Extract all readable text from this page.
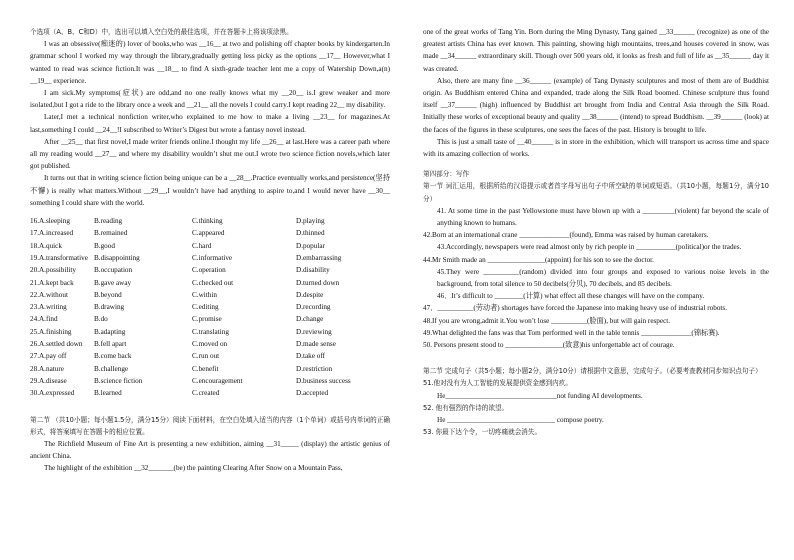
个选项（A、B、C和D）中，选出可以填入空白处的最佳选项，并在答题卡上将该项涂黑。

I was an obsessive(痴迷的) lover of books,who was __16__ at two and polishing off chapter books by kindergarten.In grammar school I worked my way through the library,gradually getting less picky as the options __17__ However,what I wanted to read was science fiction.It was __18__ to find A sixth-grade teacher lent me a copy of Watership Down,a(n) __19__ experience.

I am sick.My symptoms(症状) are odd,and no one really knows what my __20__ is.I grew weaker and more isolated,but I got a ride to the library once a week and __21__ all the novels I could carry.I kept reading 22__ my disability.

Later,I met a technical nonfiction writer,who explained to me how to make a living __23__ for magazines.At last,something I could __24__!I subscribed to Writer’s Digest but wrote a fantasy novel instead.

After __25__ that first novel,I made writer friends online.I thought my life __26__ at last.Here was a career path where all my reading would __27__ and where my disability wouldn’t shut me out.I wrote two science fiction novels,which later got published.

It turns out that in writing science fiction being unique can be a __28__.Practice eventually works,and persistence(坚持不懈) is really what matters.Without __29__,I wouldn’t have had anything to aspire to,and I would never have __30__ something I could share with the world.

16.A.sleeping	B.reading	C.thinking	D.playing
17.A.increased	B.remained	C.appeared	D.thinned
18.A.quick	B.good	C.hard	D.popular
19.A.transformative	B.disappointing	C.informative	D.embarrassing
20.A.possibility	B.occupation	C.operation	D.disability
21.A.kept back	B.gave away	C.checked out	D.turned down
22.A.without	B.beyond	C.within	D.despite
23.A.writing	B.drawing	C.editing	D.recording
24.A.find	B.do	C.promise	D.change
25.A.finishing	B.adapting	C.translating	D.reviewing
26.A.settled down	B.fell apart	C.moved on	D.made sense
27.A.pay off	B.come back	C.run out	D.take off
28.A.nature	B.challenge	C.benefit	D.restriction
29.A.disease	B.science fiction	C.encouragement	D.business success
30.A.expressed	B.learned	C.created	D.accepted

第二节 （共10小题；每小题1.5分，满分15分）阅读下面材料，在空白处填入适当的内容（1个单词）或括号内单词的正确形式，将答案填写在答题卡的相应位置。

The Richfield Museum of Fine Art is presenting a new exhibition, aiming __31_____ (display) the artistic genius of ancient China.

The highlight of the exhibition __32_______(be) the painting Clearing After Snow on a Mountain Pass,

one of the great works of Tang Yin. Born during the Ming Dynasty, Tang gained __33______ (recognize) as one of the greatest artists China has ever known. This painting, showing high mountains, trees,and houses covered in snow, was made __34______ extraordinary skill. Though over 500 years old, it looks as fresh and full of life as __35______ day it was created.

Also, there are many fine __36______ (example) of Tang Dynasty sculptures and most of them are of Buddhist origin. As Buddhism entered China and expanded, trade along the Silk Road boomed. Chinese sculpture thus found itself __37______ (high) influenced by Buddhist art brought from India and Central Asia through the Silk Road. Initially these works of exceptional beauty and quality __38______ (intend) to spread Buddhism. __39______ (look) at the faces of the figures in these sculptures, one sees the faces of the past. History is brought to life.

This is just a small taste of __40______ is in store in the exhibition, which will transport us across time and space with its amazing collection of works.

第四部分：写作

第一节 词汇运用，根据所给的汉语提示或者首字母写出句子中所空缺的单词或短语。（共10小题，每题1分，满分10分）

41. At some time in the past Yellowstone must have blown up with a _________(violent) far beyond the scale of anything known to humans.

42.Born at an international crane ______________(found), Emma was raised by human caretakers.

43.Accordingly, newspapers were read almost only by rich people in ___________(political)or the trades.

44.Mr Smith made an ________________(appoint) for his son to see the doctor.

45.They were __________(random) divided into four groups and exposed to various noise levels in the background, from total silence to 50 decibels(分贝), 70 decibels, and 85 decibels.

46．It’s difficult to ________(计算) what effect all these changes will have on the company.

47．__________(劳动者) shortages have forced the Japanese into making heavy use of industrial robots.

48.If you are wrong,admit it.You won’t lose __________(脸面), but will gain respect.

49.What delighted the fans was that Tom performed well in the table tennis ______________(锦标赛).

50. Persons present stood to ________________(致意)his unforgettable act of courage.

第二节 完成句子（共5小题；每小题2分，满分10分）请根据中文意思，完成句子。（必要考查教材同步知识点句子）

51.他对没有为人工智能的发展提供资金感到内疚。

He_______________________________not funding AI developments.

52. 他有强烈的作诗的欲望。

He ______________________________ compose poetry.

53. 你最下达个令，一切疼痛就会消失。
